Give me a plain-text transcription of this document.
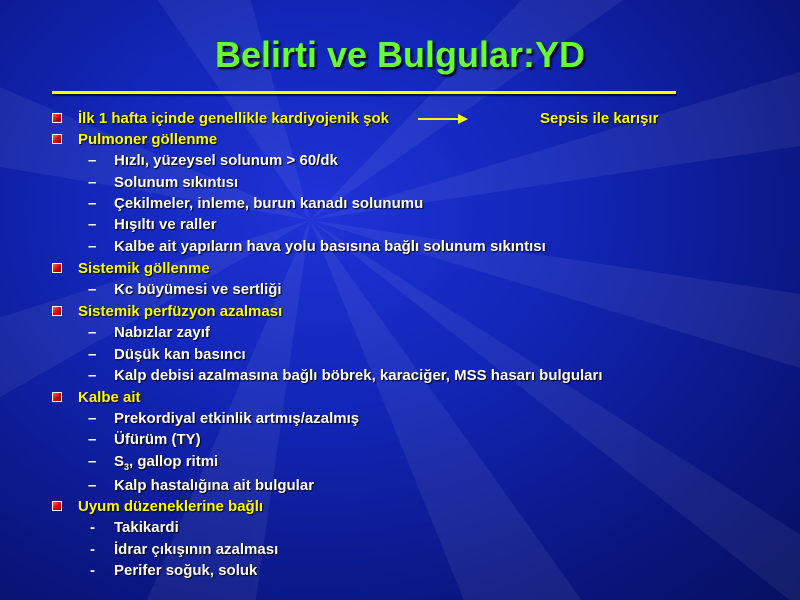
Belirti ve Bulgular:YD
İlk 1 hafta içinde genellikle kardiyojenik şok	Sepsis ile karışır
Pulmoner göllenme
– Hızlı, yüzeysel solunum > 60/dk
– Solunum sıkıntısı
– Çekilmeler, inleme, burun kanadı solunumu
– Hışıltı ve raller
– Kalbe ait yapıların hava yolu basısına bağlı solunum sıkıntısı
Sistemik göllenme
– Kc büyümesi ve sertliği
Sistemik perfüzyon azalması
– Nabızlar zayıf
– Düşük kan basıncı
– Kalp debisi azalmasına bağlı böbrek, karaciğer, MSS hasarı bulguları
Kalbe ait
– Prekordiyal etkinlik artmış/azalmış
– Üfürüm (TY)
– $S_3$, gallop ritmi
– Kalp hastalığına ait bulgular
Uyum düzeneklerine bağlı
- Takikardi
- İdrar çıkışının azalması
- Perifer soğuk, soluk
